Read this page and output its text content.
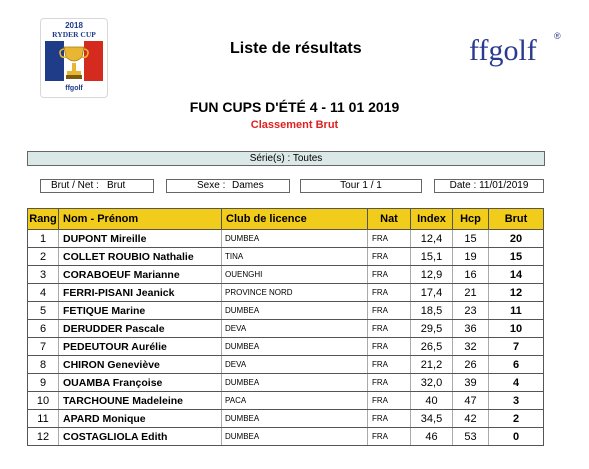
2018
RYDER CUP
ffgolf
ffgolf ®
Liste de résultats
FUN CUPS D'ÉTÉ 4 - 11 01 2019
Classement Brut
Série(s) : Toutes
Brut / Net : Brut	Sexe : Dames	Tour 1 / 1	Date : 11/01/2019
Rang	Nom - Prénom	Club de licence	Nat	Index	Hcp	Brut
1	DUPONT Mireille	DUMBEA	FRA	12,4	15	20
2	COLLET ROUBIO Nathalie	TINA	FRA	15,1	19	15
3	CORABOEUF Marianne	OUENGHI	FRA	12,9	16	14
4	FERRI-PISANI Jeanick	PROVINCE NORD	FRA	17,4	21	12
5	FETIQUE Marine	DUMBEA	FRA	18,5	23	11
6	DERUDDER Pascale	DEVA	FRA	29,5	36	10
7	PEDEUTOUR Aurélie	DUMBEA	FRA	26,5	32	7
8	CHIRON Geneviève	DEVA	FRA	21,2	26	6
9	OUAMBA Françoise	DUMBEA	FRA	32,0	39	4
10	TARCHOUNE Madeleine	PACA	FRA	40	47	3
11	APARD Monique	DUMBEA	FRA	34,5	42	2
12	COSTAGLIOLA Edith	DUMBEA	FRA	46	53	0
